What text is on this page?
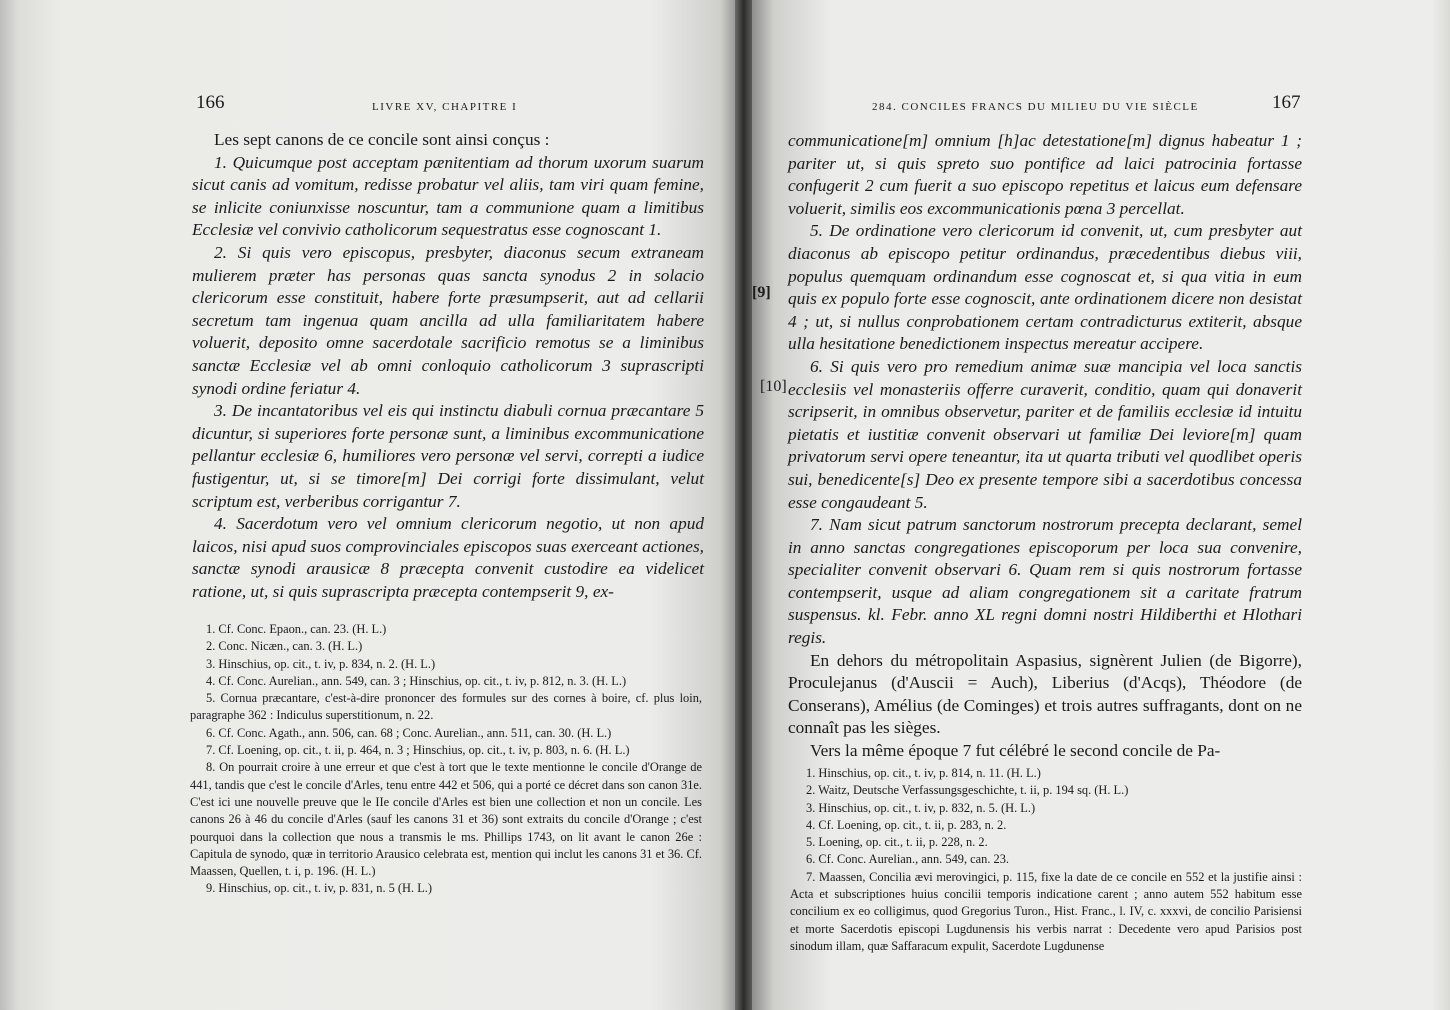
166	LIVRE XV, CHAPITRE I

Les sept canons de ce concile sont ainsi conçus :

1. Quicumque post acceptam pænitentiam ad thorum uxorum suarum sicut canis ad vomitum, redisse probatur vel aliis, tam viri quam femine, se inlicite coniunxisse noscuntur, tam a communione quam a limitibus Ecclesiæ vel convivio catholicorum sequestratus esse cognoscant 1.

2. Si quis vero episcopus, presbyter, diaconus secum extraneam mulierem præter has personas quas sancta synodus 2 in solacio clericorum esse constituit, habere forte præsumpserit, aut ad cellarii secretum tam ingenua quam ancilla ad ulla familiaritatem habere voluerit, deposito omne sacerdotale sacrificio remotus se a liminibus sanctæ Ecclesiæ vel ab omni conloquio catholicorum 3 suprascripti synodi ordine feriatur 4.

3. De incantatoribus vel eis qui instinctu diabuli cornua præcantare 5 dicuntur, si superiores forte personæ sunt, a liminibus excommunicatione pellantur ecclesiæ 6, humiliores vero personæ vel servi, correpti a iudice fustigentur, ut, si se timore[m] Dei corrigi forte dissimulant, velut scriptum est, verberibus corrigantur 7.

4. Sacerdotum vero vel omnium clericorum negotio, ut non apud laicos, nisi apud suos comprovinciales episcopos suas exerceant actiones, sanctæ synodi arausicæ 8 præcepta convenit custodire ea videlicet ratione, ut, si quis suprascripta præcepta contempserit 9, ex-

1. Cf. Conc. Epaon., can. 23. (H. L.)

2. Conc. Nicæn., can. 3. (H. L.)

3. Hinschius, op. cit., t. iv, p. 834, n. 2. (H. L.)

4. Cf. Conc. Aurelian., ann. 549, can. 3 ; Hinschius, op. cit., t. iv, p. 812, n. 3. (H. L.)

5. Cornua præcantare, c'est-à-dire prononcer des formules sur des cornes à boire, cf. plus loin, paragraphe 362 : Indiculus superstitionum, n. 22.

6. Cf. Conc. Agath., ann. 506, can. 68 ; Conc. Aurelian., ann. 511, can. 30. (H. L.)

7. Cf. Loening, op. cit., t. ii, p. 464, n. 3 ; Hinschius, op. cit., t. iv, p. 803, n. 6. (H. L.)

8. On pourrait croire à une erreur et que c'est à tort que le texte mentionne le concile d'Orange de 441, tandis que c'est le concile d'Arles, tenu entre 442 et 506, qui a porté ce décret dans son canon 31e. C'est ici une nouvelle preuve que le IIe concile d'Arles est bien une collection et non un concile. Les canons 26 à 46 du concile d'Arles (sauf les canons 31 et 36) sont extraits du concile d'Orange ; c'est pourquoi dans la collection que nous a transmis le ms. Phillips 1743, on lit avant le canon 26e : Capitula de synodo, quæ in territorio Arausico celebrata est, mention qui inclut les canons 31 et 36. Cf. Maassen, Quellen, t. i, p. 196. (H. L.)

9. Hinschius, op. cit., t. iv, p. 831, n. 5 (H. L.)

284. CONCILES FRANCS DU MILIEU DU VIE SIÈCLE	167
[9]
[10]

communicatione[m] omnium [h]ac detestatione[m] dignus habeatur 1 ; pariter ut, si quis spreto suo pontifice ad laici patrocinia fortasse confugerit 2 cum fuerit a suo episcopo repetitus et laicus eum defensare voluerit, similis eos excommunicationis pœna 3 percellat.

5. De ordinatione vero clericorum id convenit, ut, cum presbyter aut diaconus ab episcopo petitur ordinandus, præcedentibus diebus viii, populus quemquam ordinandum esse cognoscat et, si qua vitia in eum quis ex populo forte esse cognoscit, ante ordinationem dicere non desistat 4 ; ut, si nullus conprobationem certam contradicturus extiterit, absque ulla hesitatione benedictionem inspectus mereatur accipere.

6. Si quis vero pro remedium animæ suæ mancipia vel loca sanctis ecclesiis vel monasteriis offerre curaverit, conditio, quam qui donaverit scripserit, in omnibus observetur, pariter et de familiis ecclesiæ id intuitu pietatis et iustitiæ convenit observari ut familiæ Dei leviore[m] quam privatorum servi opere teneantur, ita ut quarta tributi vel quodlibet operis sui, benedicente[s] Deo ex presente tempore sibi a sacerdotibus concessa esse congaudeant 5.

7. Nam sicut patrum sanctorum nostrorum precepta declarant, semel in anno sanctas congregationes episcoporum per loca sua convenire, specialiter convenit observari 6. Quam rem si quis nostrorum fortasse contempserit, usque ad aliam congregationem sit a caritate fratrum suspensus. kl. Febr. anno XL regni domni nostri Hildiberthi et Hlothari regis.

En dehors du métropolitain Aspasius, signèrent Julien (de Bigorre), Proculejanus (d'Auscii = Auch), Liberius (d'Acqs), Théodore (de Conserans), Amélius (de Cominges) et trois autres suffragants, dont on ne connaît pas les sièges.

Vers la même époque 7 fut célébré le second concile de Pa-

1. Hinschius, op. cit., t. iv, p. 814, n. 11. (H. L.)

2. Waitz, Deutsche Verfassungsgeschichte, t. ii, p. 194 sq. (H. L.)

3. Hinschius, op. cit., t. iv, p. 832, n. 5. (H. L.)

4. Cf. Loening, op. cit., t. ii, p. 283, n. 2.

5. Loening, op. cit., t. ii, p. 228, n. 2.

6. Cf. Conc. Aurelian., ann. 549, can. 23.

7. Maassen, Concilia ævi merovingici, p. 115, fixe la date de ce concile en 552 et la justifie ainsi : Acta et subscriptiones huius concilii temporis indicatione carent ; anno autem 552 habitum esse concilium ex eo colligimus, quod Gregorius Turon., Hist. Franc., l. IV, c. xxxvi, de concilio Parisiensi et morte Sacerdotis episcopi Lugdunensis his verbis narrat : Decedente vero apud Parisios post sinodum illam, quæ Saffaracum expulit, Sacerdote Lugdunense
